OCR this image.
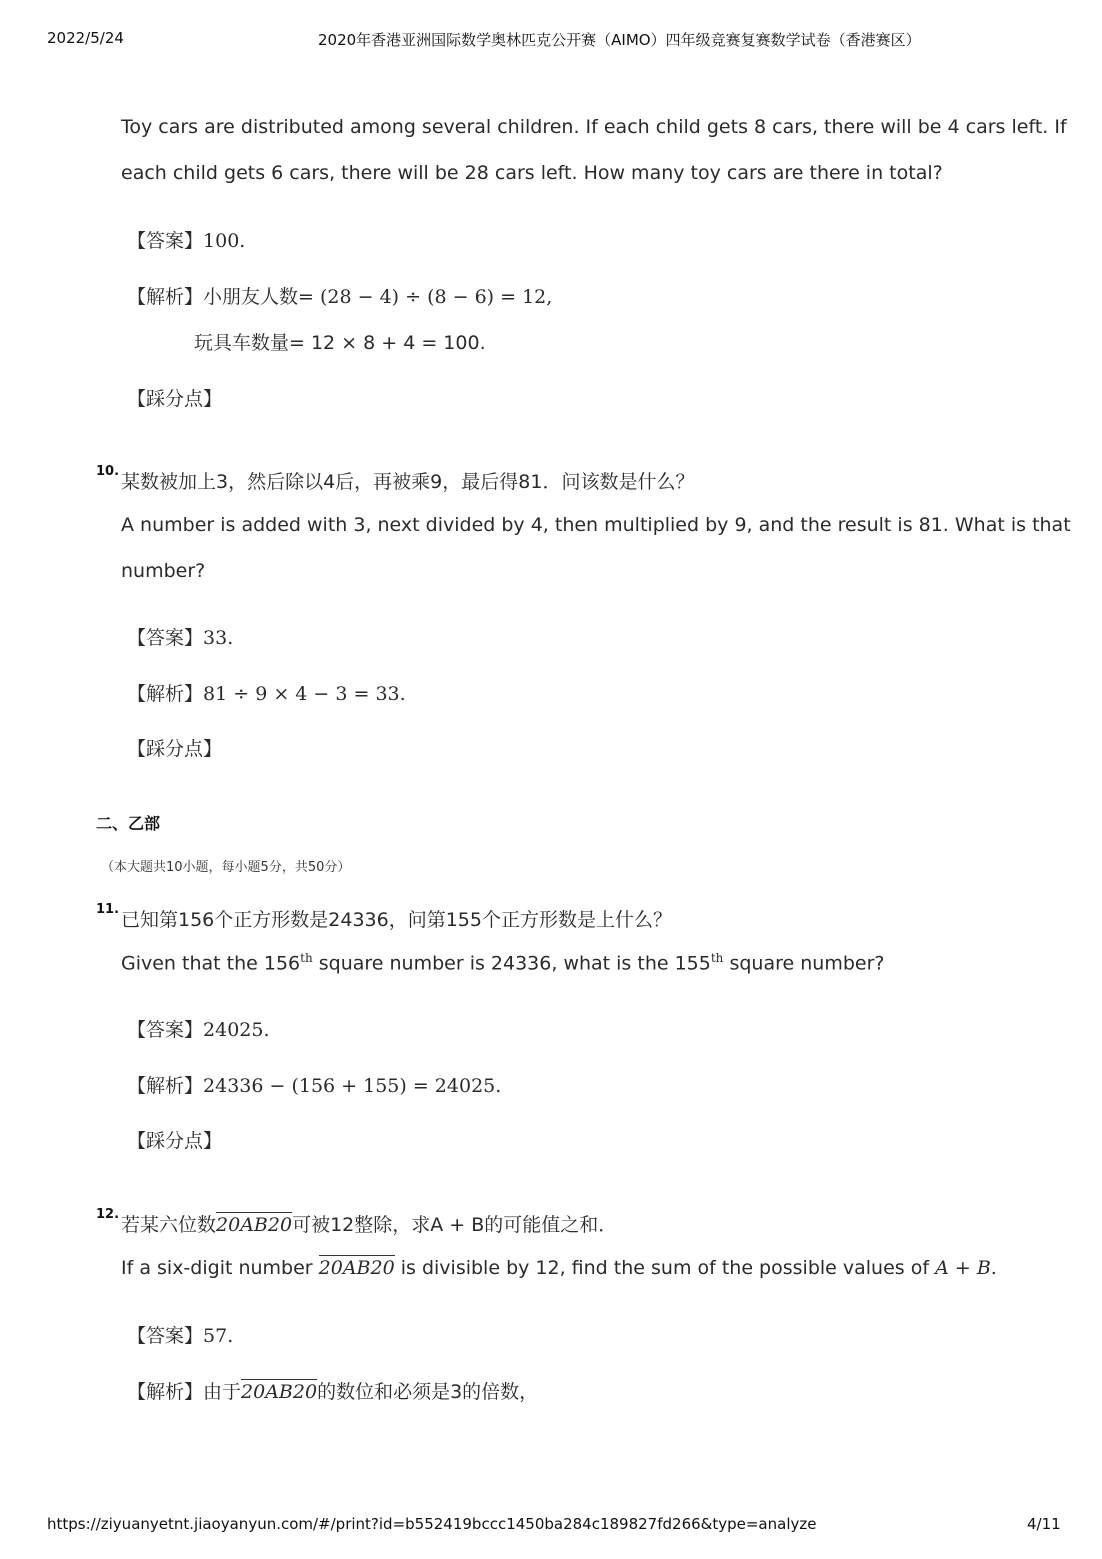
2022/5/24	2020年香港亚洲国际数学奥林匹克公开赛（AIMO）四年级竞赛复赛数学试卷（香港赛区）
Toy cars are distributed among several children. If each child gets 8 cars, there will be 4 cars left. If
each child gets 6 cars, there will be 28 cars left. How many toy cars are there in total?
【答案】100.
【解析】小朋友人数= (28 − 4) ÷ (8 − 6) = 12,
玩具车数量= 12 × 8 + 4 = 100.
【踩分点】
10. 某数被加上3，然后除以4后，再被乘9，最后得81．问该数是什么？
A number is added with 3, next divided by 4, then multiplied by 9, and the result is 81. What is that
number?
【答案】33.
【解析】81 ÷ 9 × 4 − 3 = 33.
【踩分点】
二、乙部
（本大题共10小题，每小题5分，共50分）
11. 已知第156个正方形数是24336，问第155个正方形数是上什么？
Given that the 156th square number is 24336, what is the 155th square number?
【答案】24025.
【解析】24336 − (156 + 155) = 24025.
【踩分点】
12. 若某六位数20AB20可被12整除，求A + B的可能值之和．
If a six-digit number 20AB20 is divisible by 12, find the sum of the possible values of A + B.
【答案】57.
【解析】由于20AB20的数位和必须是3的倍数，
https://ziyuanyetnt.jiaoyanyun.com/#/print?id=b552419bccc1450ba284c189827fd266&type=analyze	4/11
